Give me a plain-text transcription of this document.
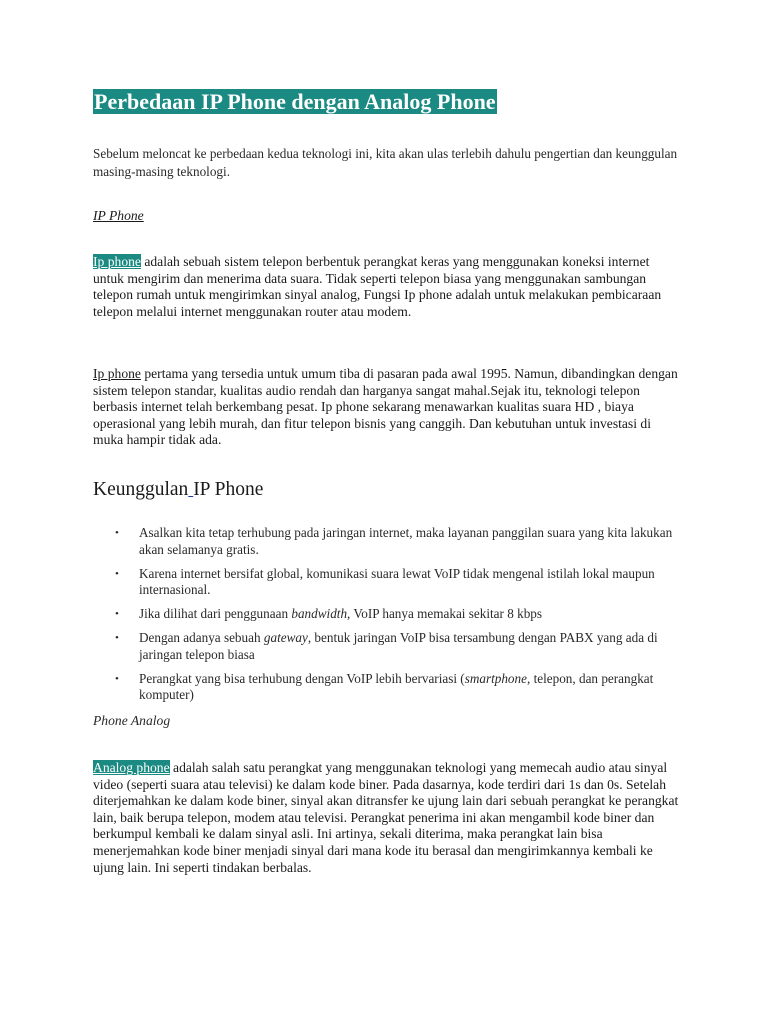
Perbedaan IP Phone dengan Analog Phone

Sebelum meloncat ke perbedaan kedua teknologi ini, kita akan ulas terlebih dahulu pengertian dan keunggulan masing-masing teknologi.

IP Phone

Ip phone adalah sebuah sistem telepon berbentuk perangkat keras yang menggunakan koneksi internet untuk mengirim dan menerima data suara. Tidak seperti telepon biasa yang menggunakan sambungan telepon rumah untuk mengirimkan sinyal analog, Fungsi Ip phone adalah untuk melakukan pembicaraan telepon melalui internet menggunakan router atau modem.

Ip phone pertama yang tersedia untuk umum tiba di pasaran pada awal 1995. Namun, dibandingkan dengan sistem telepon standar, kualitas audio rendah dan harganya sangat mahal.Sejak itu, teknologi telepon berbasis internet telah berkembang pesat. Ip phone sekarang menawarkan kualitas suara HD , biaya operasional yang lebih murah, dan fitur telepon bisnis yang canggih. Dan kebutuhan untuk investasi di muka hampir tidak ada.

Keunggulan IP Phone
• Asalkan kita tetap terhubung pada jaringan internet, maka layanan panggilan suara yang kita lakukan akan selamanya gratis.
• Karena internet bersifat global, komunikasi suara lewat VoIP tidak mengenal istilah lokal maupun internasional.
• Jika dilihat dari penggunaan bandwidth, VoIP hanya memakai sekitar 8 kbps
• Dengan adanya sebuah gateway, bentuk jaringan VoIP bisa tersambung dengan PABX yang ada di jaringan telepon biasa
• Perangkat yang bisa terhubung dengan VoIP lebih bervariasi (smartphone, telepon, dan perangkat komputer)

Phone Analog

Analog phone adalah salah satu perangkat yang menggunakan teknologi yang memecah audio atau sinyal video (seperti suara atau televisi) ke dalam kode biner. Pada dasarnya, kode terdiri dari 1s dan 0s. Setelah diterjemahkan ke dalam kode biner, sinyal akan ditransfer ke ujung lain dari sebuah perangkat ke perangkat lain, baik berupa telepon, modem atau televisi. Perangkat penerima ini akan mengambil kode biner dan berkumpul kembali ke dalam sinyal asli. Ini artinya, sekali diterima, maka perangkat lain bisa menerjemahkan kode biner menjadi sinyal dari mana kode itu berasal dan mengirimkannya kembali ke ujung lain. Ini seperti tindakan berbalas.
